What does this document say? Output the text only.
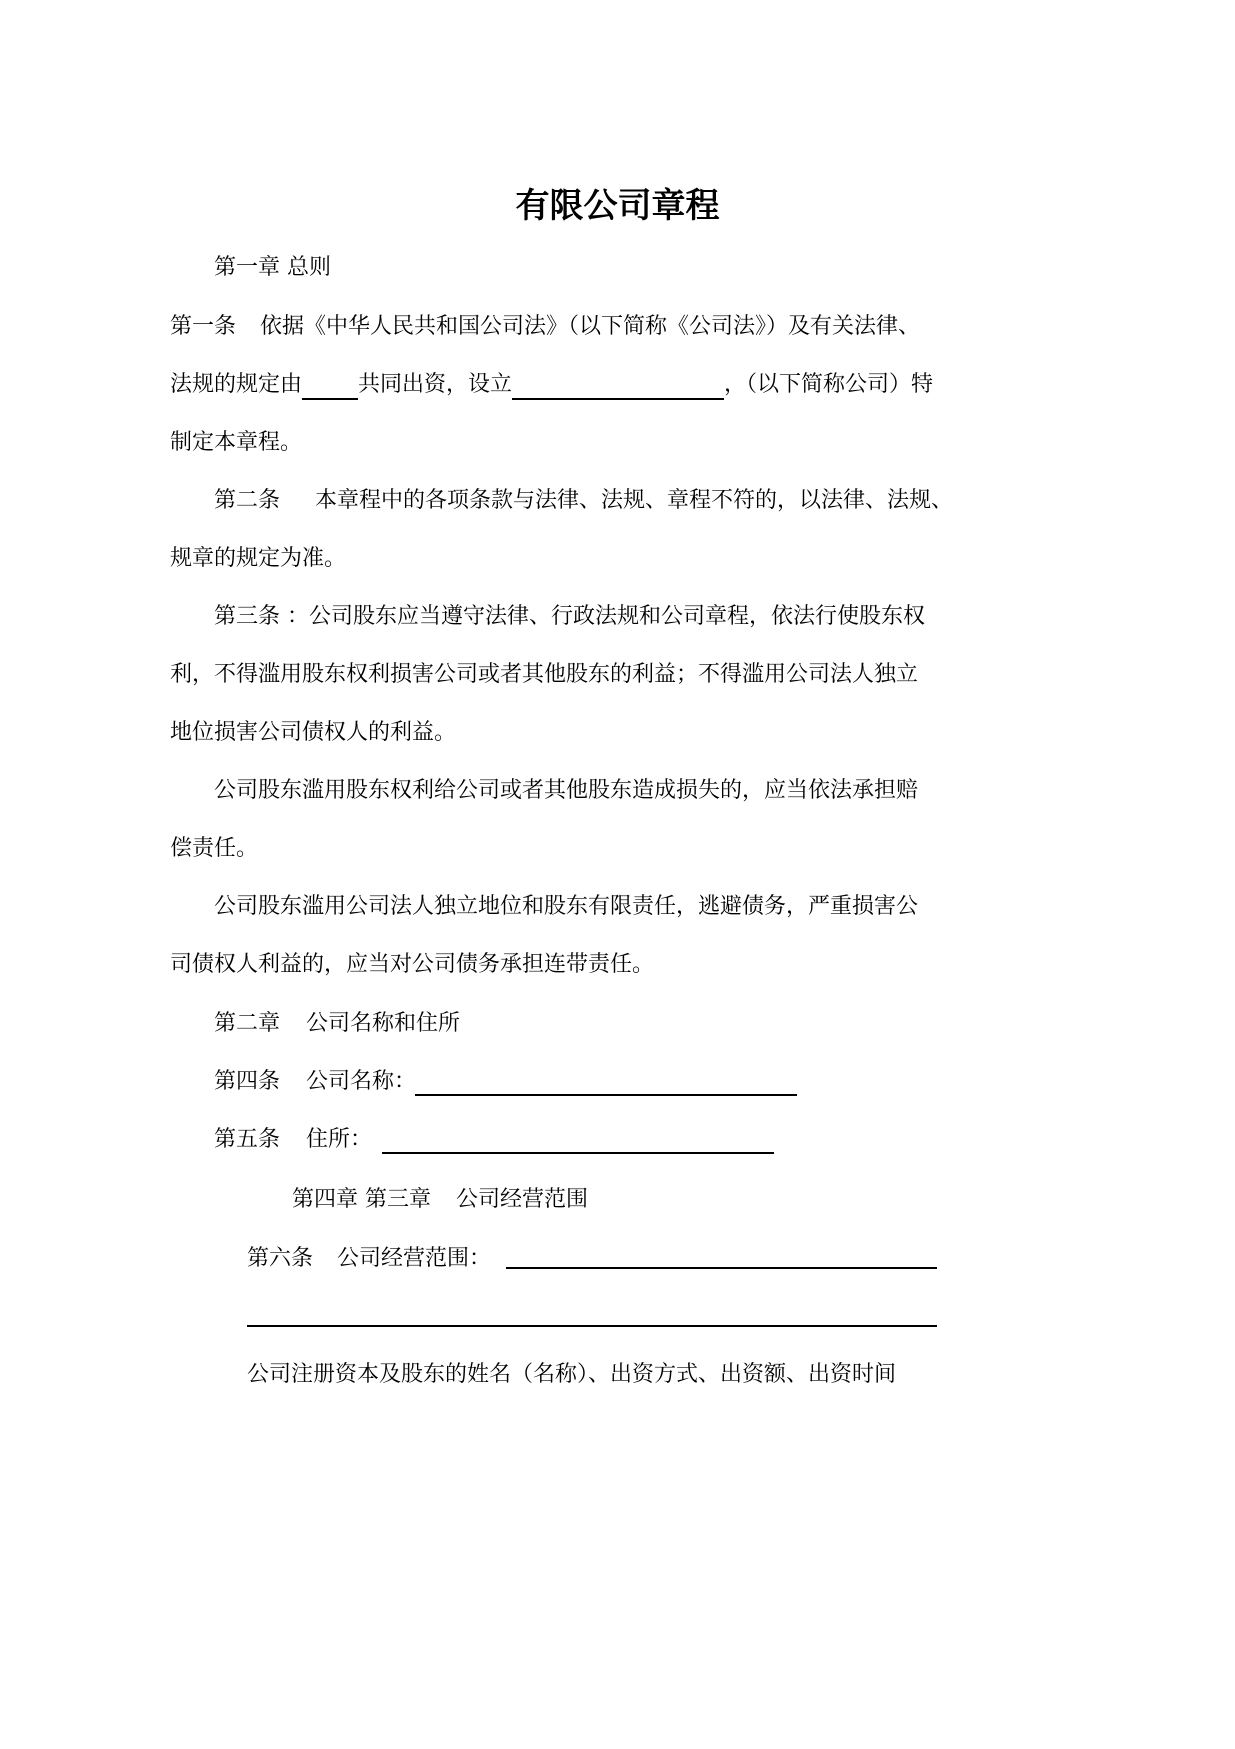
有限公司章程
第一章 总则
第一条 依据《中华人民共和国公司法》（以下简称《公司法》）及有关法律、
法规的规定由	共同出资，设立	，（以下简称公司）特
制定本章程。
第二条 本章程中的各项条款与法律、法规、章程不符的，以法律、法规、
规章的规定为准。
第三条 ：公司股东应当遵守法律、行政法规和公司章程，依法行使股东权
利，不得滥用股东权利损害公司或者其他股东的利益；不得滥用公司法人独立
地位损害公司债权人的利益。
公司股东滥用股东权利给公司或者其他股东造成损失的，应当依法承担赔
偿责任。
公司股东滥用公司法人独立地位和股东有限责任，逃避债务，严重损害公
司债权人利益的，应当对公司债务承担连带责任。
第二章 公司名称和住所
第四条 公司名称：
第五条 住所：
第四章 第三章 公司经营范围
第六条 公司经营范围：
公司注册资本及股东的姓名（名称）、出资方式、出资额、出资时间
